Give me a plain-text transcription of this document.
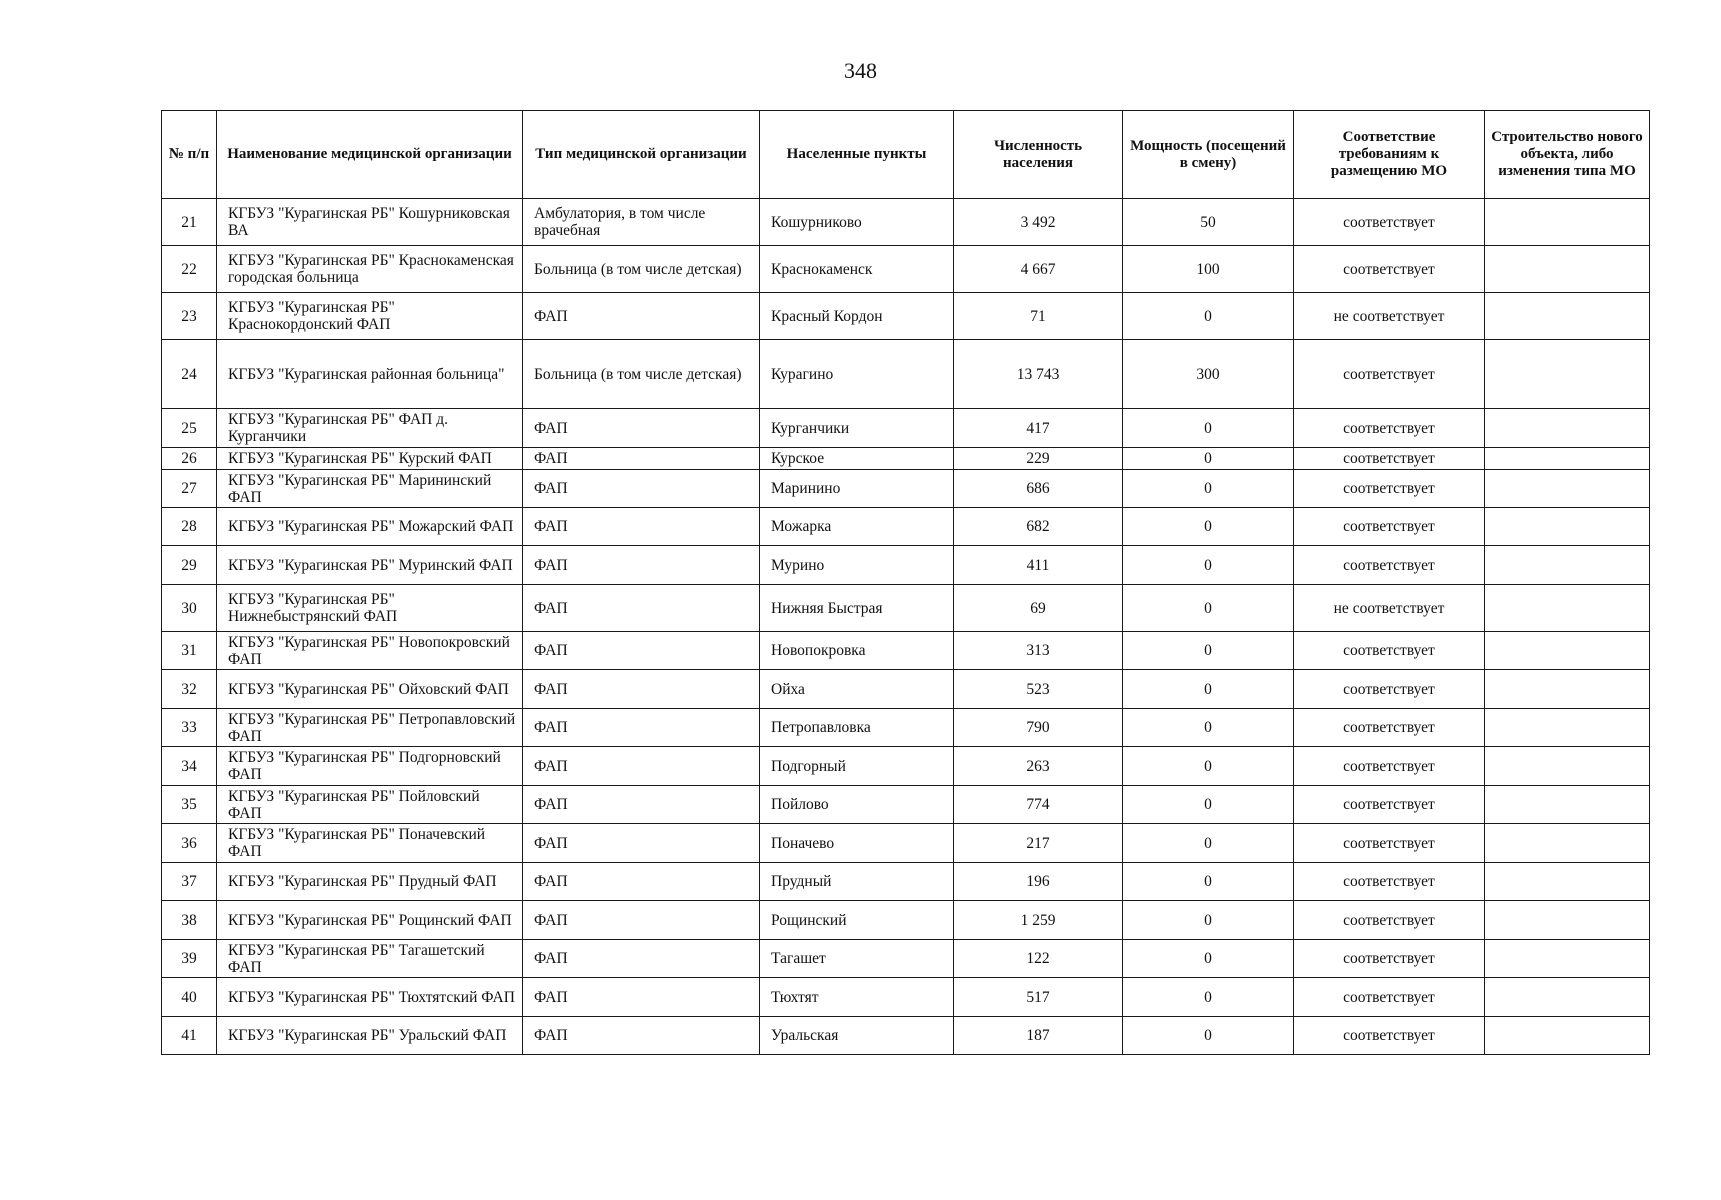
348
№ п/п	Наименование медицинской организации	Тип медицинской организации	Населенные пункты	Численность населения	Мощность (посещений в смену)	Соответствие требованиям к размещению МО	Строительство нового объекта, либо изменения типа МО
21	КГБУЗ "Курагинская РБ" Кошурниковская ВА	Амбулатория, в том числе врачебная	Кошурниково	3 492	50	соответствует	
22	КГБУЗ "Курагинская РБ" Краснокаменская городская больница	Больница (в том числе детская)	Краснокаменск	4 667	100	соответствует	
23	КГБУЗ "Курагинская РБ" Краснокордонский ФАП	ФАП	Красный Кордон	71	0	не соответствует	
24	КГБУЗ "Курагинская районная больница"	Больница (в том числе детская)	Курагино	13 743	300	соответствует	
25	КГБУЗ "Курагинская РБ" ФАП д. Курганчики	ФАП	Курганчики	417	0	соответствует	
26	КГБУЗ "Курагинская РБ" Курский ФАП	ФАП	Курское	229	0	соответствует	
27	КГБУЗ "Курагинская РБ" Марининский ФАП	ФАП	Маринино	686	0	соответствует	
28	КГБУЗ "Курагинская РБ" Можарский ФАП	ФАП	Можарка	682	0	соответствует	
29	КГБУЗ "Курагинская РБ" Муринский ФАП	ФАП	Мурино	411	0	соответствует	
30	КГБУЗ "Курагинская РБ" Нижнебыстрянский ФАП	ФАП	Нижняя Быстрая	69	0	не соответствует	
31	КГБУЗ "Курагинская РБ" Новопокровский ФАП	ФАП	Новопокровка	313	0	соответствует	
32	КГБУЗ "Курагинская РБ" Ойховский ФАП	ФАП	Ойха	523	0	соответствует	
33	КГБУЗ "Курагинская РБ" Петропавловский ФАП	ФАП	Петропавловка	790	0	соответствует	
34	КГБУЗ "Курагинская РБ" Подгорновский ФАП	ФАП	Подгорный	263	0	соответствует	
35	КГБУЗ "Курагинская РБ" Пойловский ФАП	ФАП	Пойлово	774	0	соответствует	
36	КГБУЗ "Курагинская РБ" Поначевский ФАП	ФАП	Поначево	217	0	соответствует	
37	КГБУЗ "Курагинская РБ" Прудный ФАП	ФАП	Прудный	196	0	соответствует	
38	КГБУЗ "Курагинская РБ" Рощинский ФАП	ФАП	Рощинский	1 259	0	соответствует	
39	КГБУЗ "Курагинская РБ" Тагашетский ФАП	ФАП	Тагашет	122	0	соответствует	
40	КГБУЗ "Курагинская РБ" Тюхтятский ФАП	ФАП	Тюхтят	517	0	соответствует	
41	КГБУЗ "Курагинская РБ" Уральский ФАП	ФАП	Уральская	187	0	соответствует	
